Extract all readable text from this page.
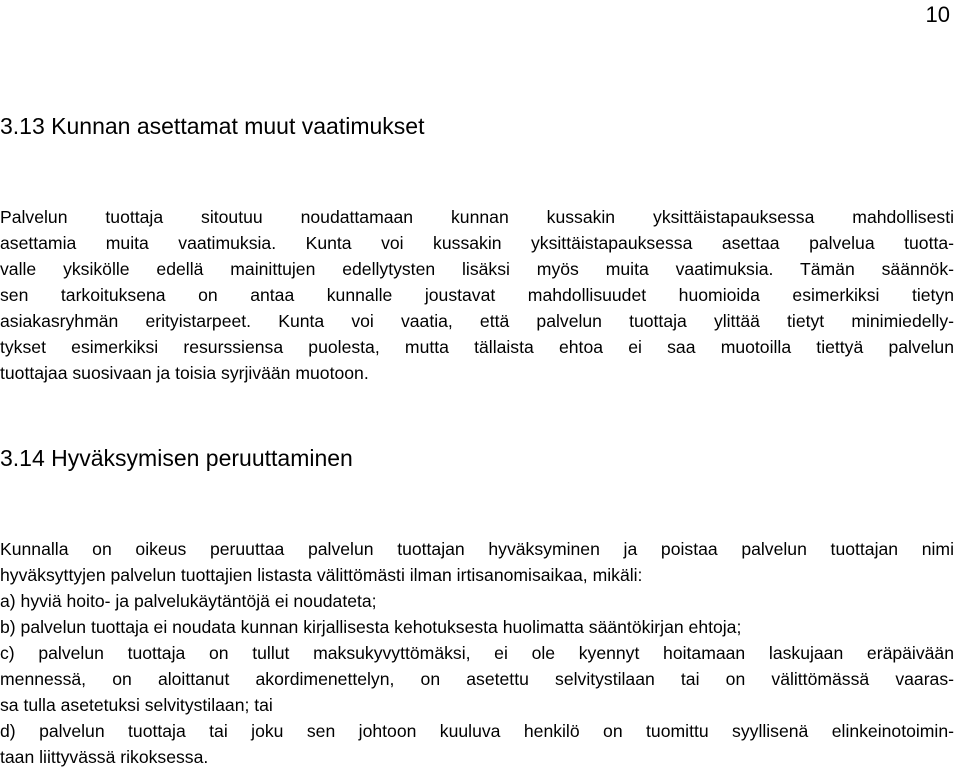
10
3.13 Kunnan asettamat muut vaatimukset
Palvelun tuottaja sitoutuu noudattamaan kunnan kussakin yksittäistapauksessa mahdollisesti
asettamia muita vaatimuksia. Kunta voi kussakin yksittäistapauksessa asettaa palvelua tuotta-
valle yksikölle edellä mainittujen edellytysten lisäksi myös muita vaatimuksia. Tämän säännök-
sen tarkoituksena on antaa kunnalle joustavat mahdollisuudet huomioida esimerkiksi tietyn
asiakasryhmän erityistarpeet. Kunta voi vaatia, että palvelun tuottaja ylittää tietyt minimiedelly-
tykset esimerkiksi resurssiensa puolesta, mutta tällaista ehtoa ei saa muotoilla tiettyä palvelun
tuottajaa suosivaan ja toisia syrjivään muotoon.
3.14 Hyväksymisen peruuttaminen
Kunnalla on oikeus peruuttaa palvelun tuottajan hyväksyminen ja poistaa palvelun tuottajan nimi
hyväksyttyjen palvelun tuottajien listasta välittömästi ilman irtisanomisaikaa, mikäli:
a) hyviä hoito- ja palvelukäytäntöjä ei noudateta;
b) palvelun tuottaja ei noudata kunnan kirjallisesta kehotuksesta huolimatta sääntökirjan ehtoja;
c) palvelun tuottaja on tullut maksukyvyttömäksi, ei ole kyennyt hoitamaan laskujaan eräpäivään
mennessä, on aloittanut akordimenettelyn, on asetettu selvitystilaan tai on välittömässä vaaras-
sa tulla asetetuksi selvitystilaan; tai
d) palvelun tuottaja tai joku sen johtoon kuuluva henkilö on tuomittu syyllisenä elinkeinotoimin-
taan liittyvässä rikoksessa.
